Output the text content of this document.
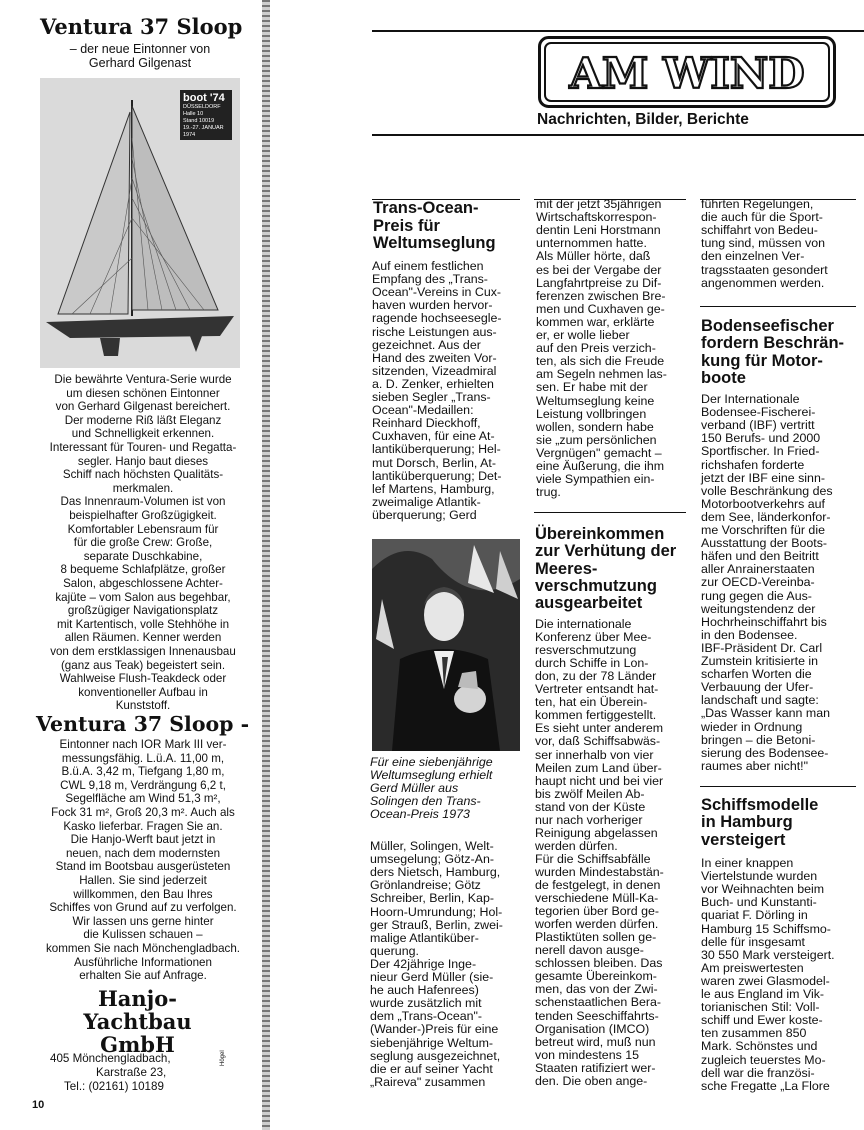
Ventura 37 Sloop
– der neue Eintonner von
Gerhard Gilgenast
boot '74
DÜSSELDORF
Halle 10
Stand 10019
19.-27. JANUAR 1974
Die bewährte Ventura-Serie wurde
um diesen schönen Eintonner
von Gerhard Gilgenast bereichert.
Der moderne Riß läßt Eleganz
und Schnelligkeit erkennen.
Interessant für Touren- und Regatta-
segler. Hanjo baut dieses
Schiff nach höchsten Qualitäts-
merkmalen.
Das Innenraum-Volumen ist von
beispielhafter Großzügigkeit.
Komfortabler Lebensraum für
für die große Crew: Große,
separate Duschkabine,
8 bequeme Schlafplätze, großer
Salon, abgeschlossene Achter-
kajüte – vom Salon aus begehbar,
großzügiger Navigationsplatz
mit Kartentisch, volle Stehhöhe in
allen Räumen. Kenner werden
von dem erstklassigen Innenausbau
(ganz aus Teak) begeistert sein.
Wahlweise Flush-Teakdeck oder
konventioneller Aufbau in
Kunststoff.
Ventura 37 Sloop -
Eintonner nach IOR Mark III ver-
messungsfähig. L.ü.A. 11,00 m,
B.ü.A. 3,42 m, Tiefgang 1,80 m,
CWL 9,18 m, Verdrängung 6,2 t,
Segelfläche am Wind 51,3 m²,
Fock 31 m², Groß 20,3 m². Auch als
Kasko lieferbar. Fragen Sie an.
Die Hanjo-Werft baut jetzt in
neuen, nach dem modernsten
Stand im Bootsbau ausgerüsteten
Hallen. Sie sind jederzeit
willkommen, den Bau Ihres
Schiffes von Grund auf zu verfolgen.
Wir lassen uns gerne hinter
die Kulissen schauen –
kommen Sie nach Mönchengladbach.
Ausführliche Informationen
erhalten Sie auf Anfrage.
Hanjo-
Yachtbau
GmbH
405 Mönchengladbach,
Karstraße 23,
Tel.: (02161) 10189
Högel
10
AM WIND
Nachrichten, Bilder, Berichte
Trans-Ocean-
Preis für
Weltumseglung
Übereinkommen
zur Verhütung der
Meeres-
verschmutzung
ausgearbeitet
Bodenseefischer
fordern Beschrän-
kung für Motor-
boote
Schiffsmodelle
in Hamburg
versteigert
Auf einem festlichen
Empfang des „Trans-
Ocean"-Vereins in Cux-
haven wurden hervor-
ragende hochseesegle-
rische Leistungen aus-
gezeichnet. Aus der
Hand des zweiten Vor-
sitzenden, Vizeadmiral
a. D. Zenker, erhielten
sieben Segler „Trans-
Ocean"-Medaillen:
Reinhard Dieckhoff,
Cuxhaven, für eine At-
lantiküberquerung; Hel-
mut Dorsch, Berlin, At-
lantiküberquerung; Det-
lef Martens, Hamburg,
zweimalige Atlantik-
überquerung; Gerd
Für eine siebenjährige
Weltumseglung erhielt
Gerd Müller aus
Solingen den Trans-
Ocean-Preis 1973
Müller, Solingen, Welt-
umsegelung; Götz-An-
ders Nietsch, Hamburg,
Grönlandreise; Götz
Schreiber, Berlin, Kap-
Hoorn-Umrundung; Hol-
ger Strauß, Berlin, zwei-
malige Atlantiküber-
querung.
Der 42jährige Inge-
nieur Gerd Müller (sie-
he auch Hafenrees)
wurde zusätzlich mit
dem „Trans-Ocean"-
(Wander-)Preis für eine
siebenjährige Weltum-
seglung ausgezeichnet,
die er auf seiner Yacht
„Raireva" zusammen
mit der jetzt 35jährigen
Wirtschaftskorrespon-
dentin Leni Horstmann
unternommen hatte.
Als Müller hörte, daß
es bei der Vergabe der
Langfahrtpreise zu Dif-
ferenzen zwischen Bre-
men und Cuxhaven ge-
kommen war, erklärte
er, er wolle lieber
auf den Preis verzich-
ten, als sich die Freude
am Segeln nehmen las-
sen. Er habe mit der
Weltumseglung keine
Leistung vollbringen
wollen, sondern habe
sie „zum persönlichen
Vergnügen" gemacht –
eine Äußerung, die ihm
viele Sympathien ein-
trug.
Die internationale
Konferenz über Mee-
resverschmutzung
durch Schiffe in Lon-
don, zu der 78 Länder
Vertreter entsandt hat-
ten, hat ein Überein-
kommen fertiggestellt.
Es sieht unter anderem
vor, daß Schiffsabwäs-
ser innerhalb von vier
Meilen zum Land über-
haupt nicht und bei vier
bis zwölf Meilen Ab-
stand von der Küste
nur nach vorheriger
Reinigung abgelassen
werden dürfen.
Für die Schiffsabfälle
wurden Mindestabstän-
de festgelegt, in denen
verschiedene Müll-Ka-
tegorien über Bord ge-
worfen werden dürfen.
Plastiktüten sollen ge-
nerell davon ausge-
schlossen bleiben. Das
gesamte Übereinkom-
men, das von der Zwi-
schenstaatlichen Bera-
tenden Seeschiffahrts-
Organisation (IMCO)
betreut wird, muß nun
von mindestens 15
Staaten ratifiziert wer-
den. Die oben ange-
führten Regelungen,
die auch für die Sport-
schiffahrt von Bedeu-
tung sind, müssen von
den einzelnen Ver-
tragsstaaten gesondert
angenommen werden.
Der Internationale
Bodensee-Fischerei-
verband (IBF) vertritt
150 Berufs- und 2000
Sportfischer. In Fried-
richshafen forderte
jetzt der IBF eine sinn-
volle Beschränkung des
Motorbootverkehrs auf
dem See, länderkonfor-
me Vorschriften für die
Ausstattung der Boots-
häfen und den Beitritt
aller Anrainerstaaten
zur OECD-Vereinba-
rung gegen die Aus-
weitungstendenz der
Hochrheinschiffahrt bis
in den Bodensee.
IBF-Präsident Dr. Carl
Zumstein kritisierte in
scharfen Worten die
Verbauung der Ufer-
landschaft und sagte:
„Das Wasser kann man
wieder in Ordnung
bringen – die Betoni-
sierung des Bodensee-
raumes aber nicht!"
In einer knappen
Viertelstunde wurden
vor Weihnachten beim
Buch- und Kunstanti-
quariat F. Dörling in
Hamburg 15 Schiffsmo-
delle für insgesamt
30 550 Mark versteigert.
Am preiswertesten
waren zwei Glasmodel-
le aus England im Vik-
torianischen Stil: Voll-
schiff und Ewer koste-
ten zusammen 850
Mark. Schönstes und
zugleich teuerstes Mo-
dell war die französi-
sche Fregatte „La Flore
